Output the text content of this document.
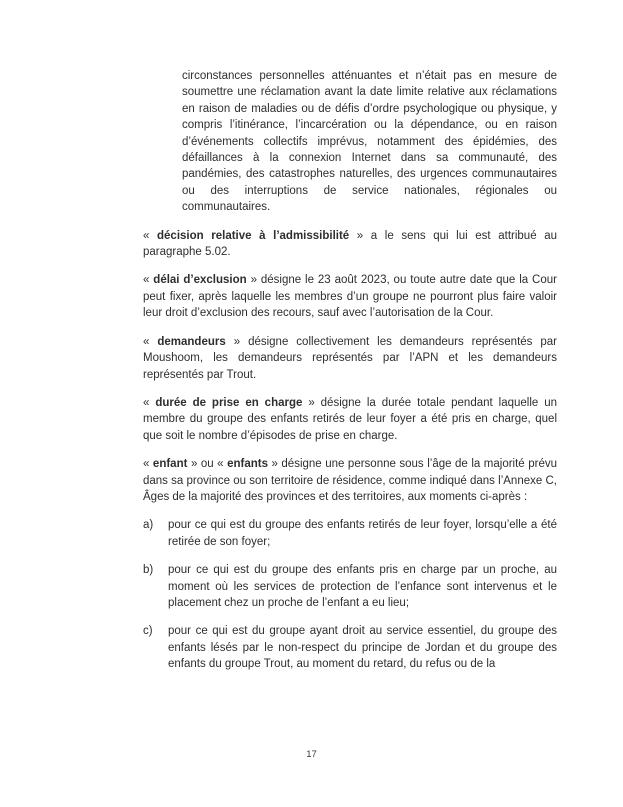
circonstances personnelles atténuantes et n’était pas en mesure de soumettre une réclamation avant la date limite relative aux réclamations en raison de maladies ou de défis d’ordre psychologique ou physique, y compris l’itinérance, l’incarcération ou la dépendance, ou en raison d’événements collectifs imprévus, notamment des épidémies, des défaillances à la connexion Internet dans sa communauté, des pandémies, des catastrophes naturelles, des urgences communautaires ou des interruptions de service nationales, régionales ou communautaires.

« décision relative à l’admissibilité » a le sens qui lui est attribué au paragraphe 5.02.

« délai d’exclusion » désigne le 23 août 2023, ou toute autre date que la Cour peut fixer, après laquelle les membres d’un groupe ne pourront plus faire valoir leur droit d’exclusion des recours, sauf avec l’autorisation de la Cour.

« demandeurs » désigne collectivement les demandeurs représentés par Moushoom, les demandeurs représentés par l’APN et les demandeurs représentés par Trout.

« durée de prise en charge » désigne la durée totale pendant laquelle un membre du groupe des enfants retirés de leur foyer a été pris en charge, quel que soit le nombre d’épisodes de prise en charge.

« enfant » ou « enfants » désigne une personne sous l’âge de la majorité prévu dans sa province ou son territoire de résidence, comme indiqué dans l’Annexe C, Âges de la majorité des provinces et des territoires, aux moments ci-après :

a)	pour ce qui est du groupe des enfants retirés de leur foyer, lorsqu’elle a été retirée de son foyer;

b)	pour ce qui est du groupe des enfants pris en charge par un proche, au moment où les services de protection de l’enfance sont intervenus et le placement chez un proche de l’enfant a eu lieu;

c)	pour ce qui est du groupe ayant droit au service essentiel, du groupe des enfants lésés par le non-respect du principe de Jordan et du groupe des enfants du groupe Trout, au moment du retard, du refus ou de la

17
